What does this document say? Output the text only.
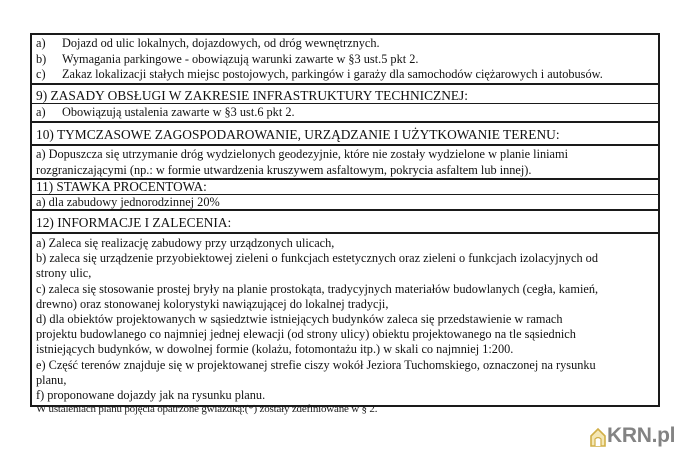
a) Dojazd od ulic lokalnych, dojazdowych, od dróg wewnętrznych.
b) Wymagania parkingowe - obowiązują warunki zawarte w §3 ust.5 pkt 2.
c) Zakaz lokalizacji stałych miejsc postojowych, parkingów i garaży dla samochodów ciężarowych i autobusów.
9) ZASADY OBSŁUGI W ZAKRESIE INFRASTRUKTURY TECHNICZNEJ:
a) Obowiązują ustalenia zawarte w §3 ust.6 pkt 2.
10) TYMCZASOWE ZAGOSPODAROWANIE, URZĄDZANIE I UŻYTKOWANIE TERENU:
a) Dopuszcza się utrzymanie dróg wydzielonych geodezyjnie, które nie zostały wydzielone w planie liniami
rozgraniczającymi (np.: w formie utwardzenia kruszywem asfaltowym, pokrycia asfaltem lub innej).
11) STAWKA PROCENTOWA:
a) dla zabudowy jednorodzinnej 20%
12) INFORMACJE I ZALECENIA:
a) Zaleca się realizację zabudowy przy urządzonych ulicach,
b) zaleca się urządzenie przyobiektowej zieleni o funkcjach estetycznych oraz zieleni o funkcjach izolacyjnych od
strony ulic,
c) zaleca się stosowanie prostej bryły na planie prostokąta, tradycyjnych materiałów budowlanych (cegła, kamień,
drewno) oraz stonowanej kolorystyki nawiązującej do lokalnej tradycji,
d) dla obiektów projektowanych w sąsiedztwie istniejących budynków zaleca się przedstawienie w ramach
projektu budowlanego co najmniej jednej elewacji (od strony ulicy) obiektu projektowanego na tle sąsiednich
istniejących budynków, w dowolnej formie (kolażu, fotomontażu itp.) w skali co najmniej 1:200.
e) Część terenów znajduje się w projektowanej strefie ciszy wokół Jeziora Tuchomskiego, oznaczonej na rysunku
planu,
f) proponowane dojazdy jak na rysunku planu.
W ustaleniach planu pojęcia opatrzone gwiazdką:(*) zostały zdefiniowane w § 2.
KRN.pl
